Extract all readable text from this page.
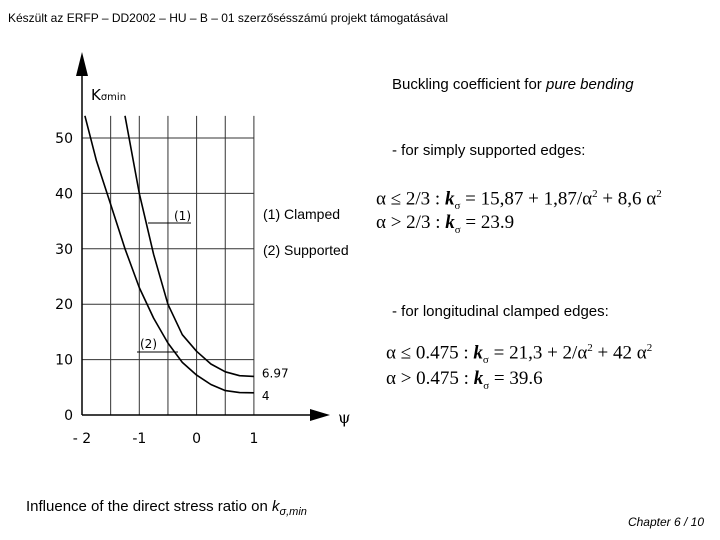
Készült az ERFP – DD2002 – HU – B – 01 szerzősésszámú projekt támogatásával
ψ
0
10
20
30
40
50
- 2	-1	0	1
6.97
4
(1)
(2)
(1) Clamped
(2) Supported
Kσmin
Buckling coefficient for pure bending
- for simply supported edges:
α ≤ 2/3 : $k_\sigma = 15,87 + 1,87/\alpha^2 + 8,6$ $\alpha^2$
α > 2/3 : $k_\sigma = 23.9$
- for longitudinal clamped edges:
α ≤ 0.475 : $k_\sigma = 21,3 + 2/\alpha^2 + 42$ $\alpha^2$
α > 0.475 : $k_\sigma = 39.6$
Influence of the direct stress ratio on $k_{\sigma,min}$
Chapter 6 / 10
